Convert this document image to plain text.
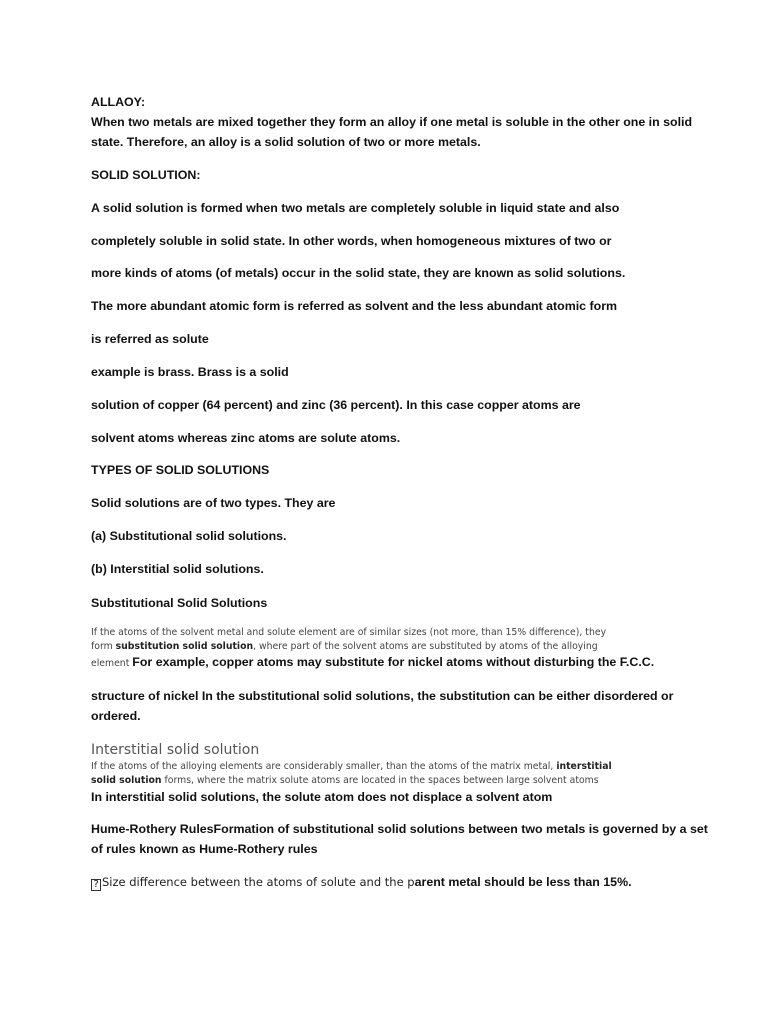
ALLAOY:

When two metals are mixed together they form an alloy if one metal is soluble in the other one in solid

state. Therefore, an alloy is a solid solution of two or more metals.

SOLID SOLUTION:

A solid solution is formed when two metals are completely soluble in liquid state and also

completely soluble in solid state. In other words, when homogeneous mixtures of two or

more kinds of atoms (of metals) occur in the solid state, they are known as solid solutions.

The more abundant atomic form is referred as solvent and the less abundant atomic form

is referred as solute

example is brass. Brass is a solid

solution of copper (64 percent) and zinc (36 percent). In this case copper atoms are

solvent atoms whereas zinc atoms are solute atoms.

TYPES OF SOLID SOLUTIONS

Solid solutions are of two types. They are

(a) Substitutional solid solutions.

(b) Interstitial solid solutions.

Substitutional Solid Solutions

If the atoms of the solvent metal and solute element are of similar sizes (not more, than 15% difference), they

form substitution solid solution, where part of the solvent atoms are substituted by atoms of the alloying

element For example, copper atoms may substitute for nickel atoms without disturbing the F.C.C.

structure of nickel In the substitutional solid solutions, the substitution can be either disordered or

ordered.

Interstitial solid solution

If the atoms of the alloying elements are considerably smaller, than the atoms of the matrix metal, interstitial

solid solution forms, where the matrix solute atoms are located in the spaces between large solvent atoms

In interstitial solid solutions, the solute atom does not displace a solvent atom

Hume-Rothery RulesFormation of substitutional solid solutions between two metals is governed by a set

of rules known as Hume-Rothery rules

? Size difference between the atoms of solute and the parent metal should be less than 15%.
